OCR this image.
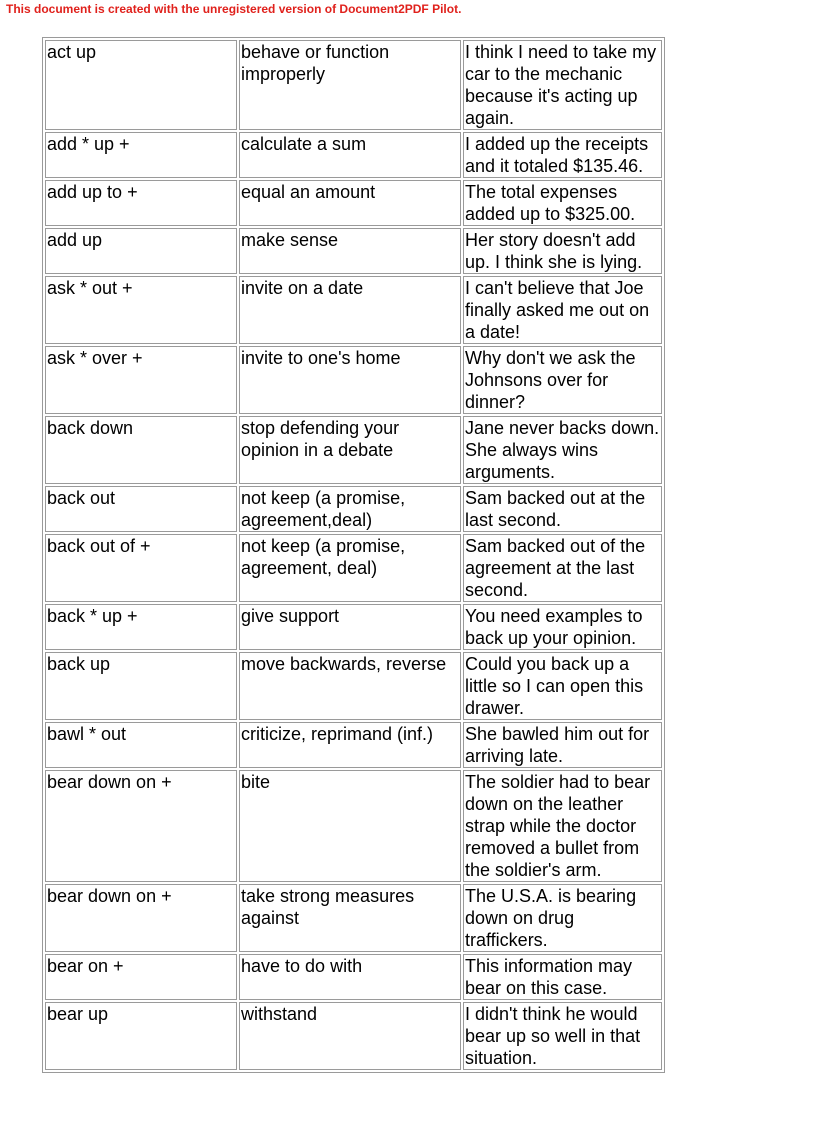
This document is created with the unregistered version of Document2PDF Pilot.
act up	behave or function improperly	I think I need to take my car to the mechanic because it's acting up again.
add * up +	calculate a sum	I added up the receipts and it totaled $135.46.
add up to +	equal an amount	The total expenses added up to $325.00.
add up	make sense	Her story doesn't add up. I think she is lying.
ask * out +	invite on a date	I can't believe that Joe finally asked me out on a date!
ask * over +	invite to one's home	Why don't we ask the Johnsons over for dinner?
back down	stop defending your opinion in a debate	Jane never backs down. She always wins arguments.
back out	not keep (a promise, agreement,deal)	Sam backed out at the last second.
back out of +	not keep (a promise, agreement, deal)	Sam backed out of the agreement at the last second.
back * up +	give support	You need examples to back up your opinion.
back up	move backwards, reverse	Could you back up a little so I can open this drawer.
bawl * out	criticize, reprimand (inf.)	She bawled him out for arriving late.
bear down on +	bite	The soldier had to bear down on the leather strap while the doctor removed a bullet from the soldier's arm.
bear down on +	take strong measures against	The U.S.A. is bearing down on drug traffickers.
bear on +	have to do with	This information may bear on this case.
bear up	withstand	I didn't think he would bear up so well in that situation.
